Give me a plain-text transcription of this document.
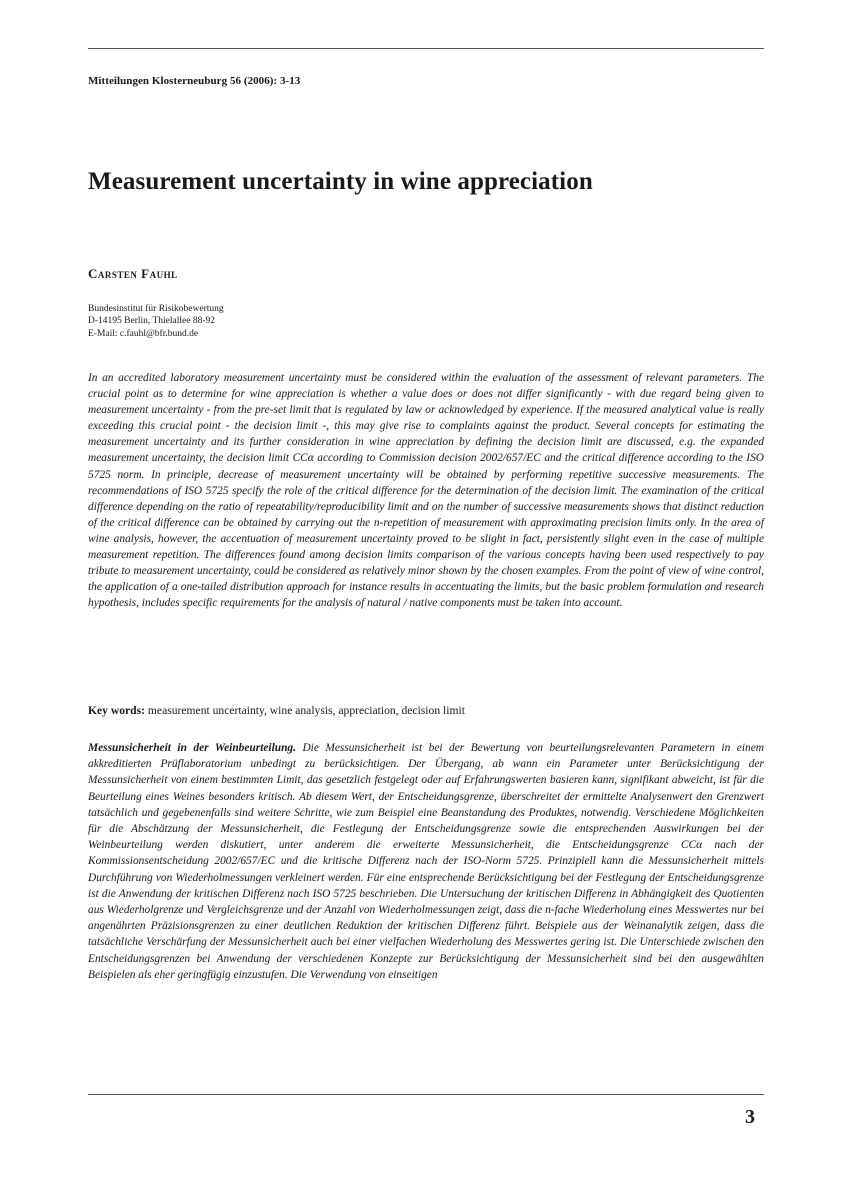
Mitteilungen Klosterneuburg 56 (2006): 3-13
Measurement uncertainty in wine appreciation
Carsten Fauhl
Bundesinstitut für Risikobewertung
D-14195 Berlin, Thielallee 88-92
E-Mail: c.fauhl@bfr.bund.de

In an accredited laboratory measurement uncertainty must be considered within the evaluation of the assessment of relevant parameters. The crucial point as to determine for wine appreciation is whether a value does or does not differ significantly - with due regard being given to measurement uncertainty - from the pre-set limit that is regulated by law or acknowledged by experience. If the measured analytical value is really exceeding this crucial point - the decision limit -, this may give rise to complaints against the product. Several concepts for estimating the measurement uncertainty and its further consideration in wine appreciation by defining the decision limit are discussed, e.g. the expanded measurement uncertainty, the decision limit CCα according to Commission decision 2002/657/EC and the critical difference according to the ISO 5725 norm. In principle, decrease of measurement uncertainty will be obtained by performing repetitive successive measurements. The recommendations of ISO 5725 specify the role of the critical difference for the determination of the decision limit. The examination of the critical difference depending on the ratio of repeatability/reproducibility limit and on the number of successive measurements shows that distinct reduction of the critical difference can be obtained by carrying out the n-repetition of measurement with approximating precision limits only. In the area of wine analysis, however, the accentuation of measurement uncertainty proved to be slight in fact, persistently slight even in the case of multiple measurement repetition. The differences found among decision limits comparison of the various concepts having been used respectively to pay tribute to measurement uncertainty, could be considered as relatively minor shown by the chosen examples. From the point of view of wine control, the application of a one-tailed distribution approach for instance results in accentuating the limits, but the basic problem formulation and research hypothesis, includes specific requirements for the analysis of natural / native components must be taken into account.

Key words: measurement uncertainty, wine analysis, appreciation, decision limit

Messunsicherheit in der Weinbeurteilung. Die Messunsicherheit ist bei der Bewertung von beurteilungsrelevanten Parametern in einem akkreditierten Prüflaboratorium unbedingt zu berücksichtigen. Der Übergang, ab wann ein Parameter unter Berücksichtigung der Messunsicherheit von einem bestimmten Limit, das gesetzlich festgelegt oder auf Erfahrungswerten basieren kann, signifikant abweicht, ist für die Beurteilung eines Weines besonders kritisch. Ab diesem Wert, der Entscheidungsgrenze, überschreitet der ermittelte Analysenwert den Grenzwert tatsächlich und gegebenenfalls sind weitere Schritte, wie zum Beispiel eine Beanstandung des Produktes, notwendig. Verschiedene Möglichkeiten für die Abschätzung der Messunsicherheit, die Festlegung der Entscheidungsgrenze sowie die entsprechenden Auswirkungen bei der Weinbeurteilung werden diskutiert, unter anderem die erweiterte Messunsicherheit, die Entscheidungsgrenze CCα nach der Kommissionsentscheidung 2002/657/EC und die kritische Differenz nach der ISO-Norm 5725. Prinzipiell kann die Messunsicherheit mittels Durchführung von Wiederholmessungen verkleinert werden. Für eine entsprechende Berücksichtigung bei der Festlegung der Entscheidungsgrenze ist die Anwendung der kritischen Differenz nach ISO 5725 beschrieben. Die Untersuchung der kritischen Differenz in Abhängigkeit des Quotienten aus Wiederholgrenze und Vergleichsgrenze und der Anzahl von Wiederholmessungen zeigt, dass die n-fache Wiederholung eines Messwertes nur bei angenährten Präzisionsgrenzen zu einer deutlichen Reduktion der kritischen Differenz führt. Beispiele aus der Weinanalytik zeigen, dass die tatsächliche Verschärfung der Messunsicherheit auch bei einer vielfachen Wiederholung des Messwertes gering ist. Die Unterschiede zwischen den Entscheidungsgrenzen bei Anwendung der verschiedenen Konzepte zur Berücksichtigung der Messunsicherheit sind bei den ausgewählten Beispielen als eher geringfügig einzustufen. Die Verwendung von einseitigen

3
